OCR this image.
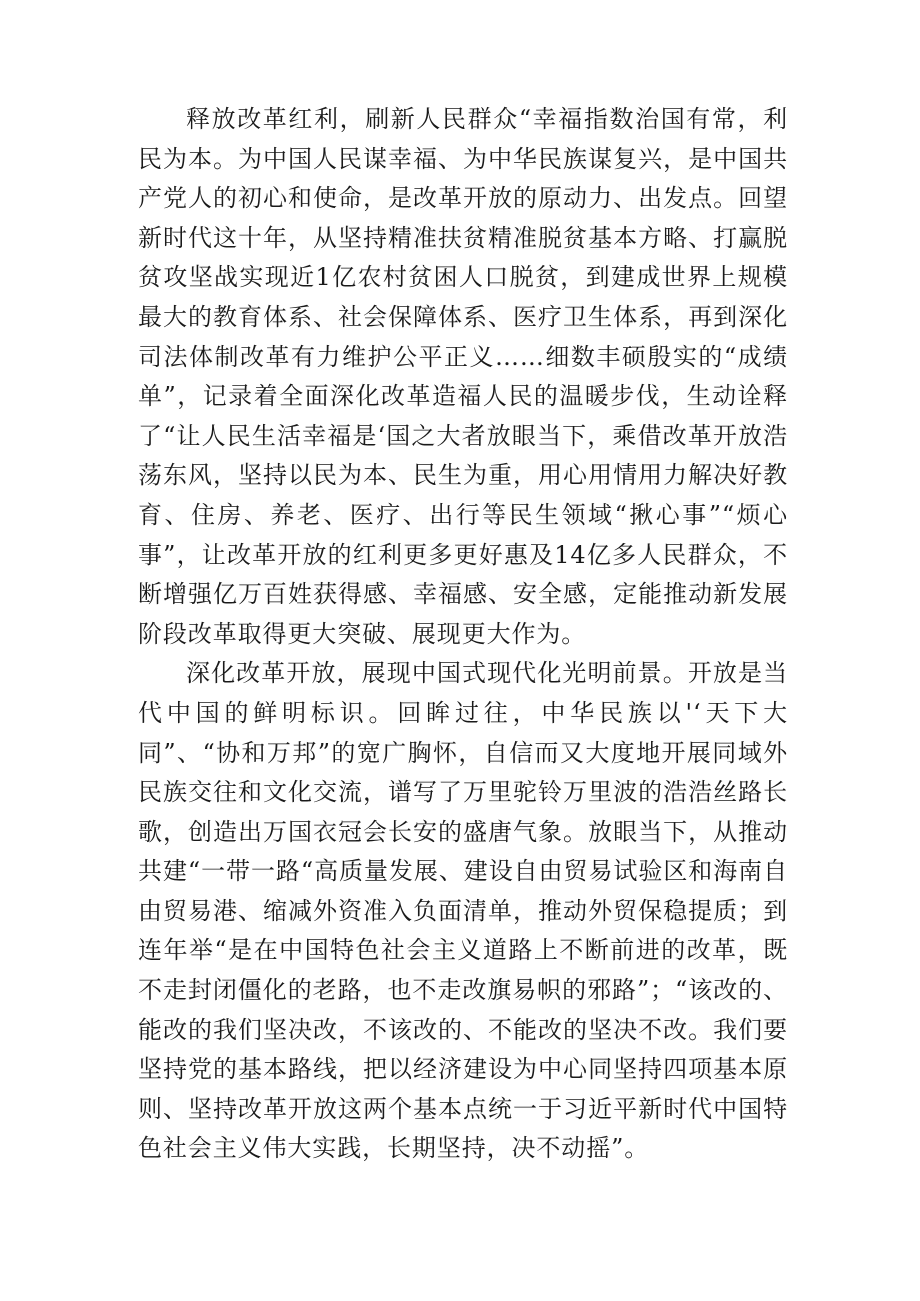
释放改革红利，刷新人民群众“幸福指数治国有常，利民为本。为中国人民谋幸福、为中华民族谋复兴，是中国共产党人的初心和使命，是改革开放的原动力、出发点。回望新时代这十年，从坚持精准扶贫精准脱贫基本方略、打赢脱贫攻坚战实现近1亿农村贫困人口脱贫，到建成世界上规模最大的教育体系、社会保障体系、医疗卫生体系，再到深化司法体制改革有力维护公平正义……细数丰硕殷实的“成绩单”，记录着全面深化改革造福人民的温暖步伐，生动诠释了“让人民生活幸福是‘国之大者放眼当下，乘借改革开放浩荡东风，坚持以民为本、民生为重，用心用情用力解决好教育、住房、养老、医疗、出行等民生领域“揪心事”“烦心事”，让改革开放的红利更多更好惠及14亿多人民群众，不断增强亿万百姓获得感、幸福感、安全感，定能推动新发展阶段改革取得更大突破、展现更大作为。

深化改革开放，展现中国式现代化光明前景。开放是当代中国的鲜明标识。回眸过往，中华民族以'‘天下大同”、“协和万邦”的宽广胸怀，自信而又大度地开展同域外民族交往和文化交流，谱写了万里驼铃万里波的浩浩丝路长歌，创造出万国衣冠会长安的盛唐气象。放眼当下，从推动共建“一带一路“高质量发展、建设自由贸易试验区和海南自由贸易港、缩减外资准入负面清单，推动外贸保稳提质；到连年举“是在中国特色社会主义道路上不断前进的改革，既不走封闭僵化的老路，也不走改旗易帜的邪路”；“该改的、能改的我们坚决改，不该改的、不能改的坚决不改。我们要坚持党的基本路线，把以经济建设为中心同坚持四项基本原则、坚持改革开放这两个基本点统一于习近平新时代中国特色社会主义伟大实践，长期坚持，决不动摇”。
